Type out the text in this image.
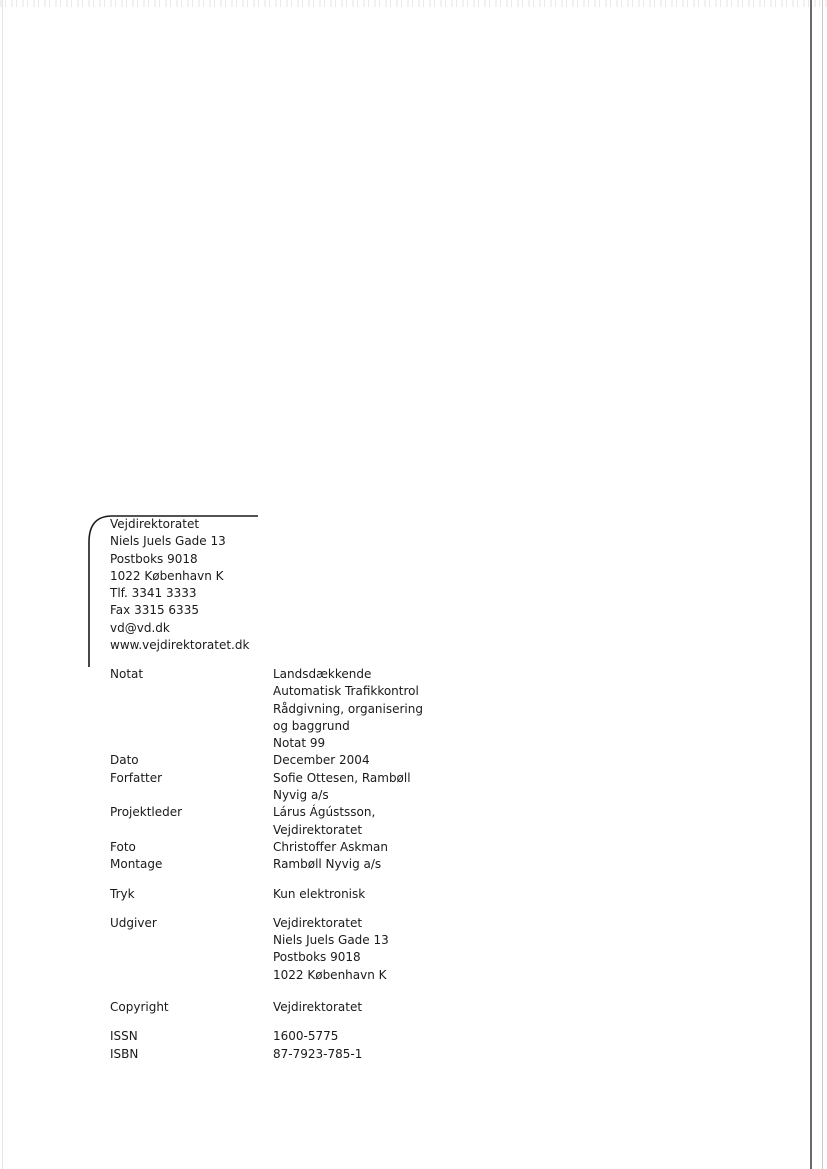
Vejdirektoratet
Niels Juels Gade 13
Postboks 9018
1022 København K
Tlf. 3341 3333
Fax 3315 6335
vd@vd.dk
www.vejdirektoratet.dk
Notat	Landsdækkende
Automatisk Trafikkontrol
Rådgivning, organisering
og baggrund
Notat 99
Dato	December 2004
Forfatter	Sofie Ottesen, Rambøll
Nyvig a/s
Projektleder	Lárus Ágústsson,
Vejdirektoratet
Foto	Christoffer Askman
Montage	Rambøll Nyvig a/s
Tryk	Kun elektronisk
Udgiver	Vejdirektoratet
Niels Juels Gade 13
Postboks 9018
1022 København K
Copyright	Vejdirektoratet
ISSN	1600-5775
ISBN	87-7923-785-1
